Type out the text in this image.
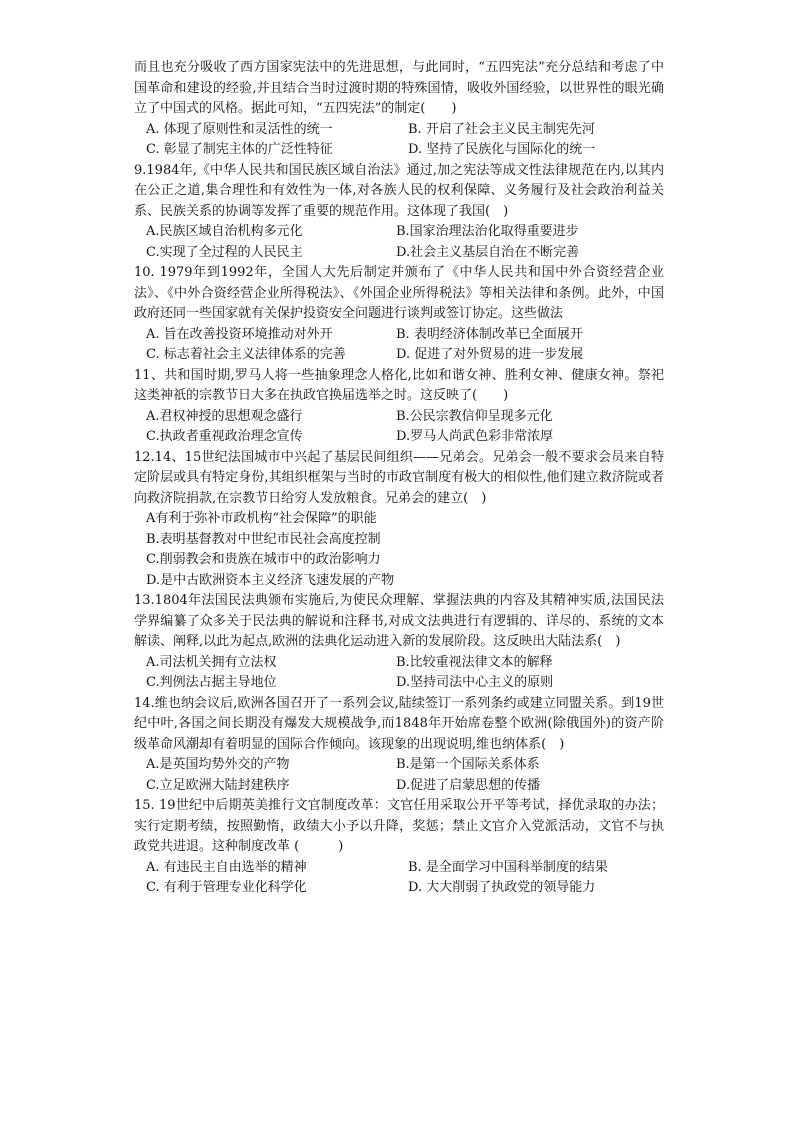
而且也充分吸收了西方国家宪法中的先进思想，与此同时，“五四宪法”充分总结和考虑了中国革命和建设的经验,并且结合当时过渡时期的特殊国情，吸收外国经验，以世界性的眼光确立了中国式的风格。据此可知，“五四宪法”的制定(　　)

A. 体现了原则性和灵活性的统一	B. 开启了社会主义民主制宪先河
C. 彰显了制宪主体的广泛性特征	D. 坚持了民族化与国际化的统一

9.1984年,《中华人民共和国民族区域自治法》通过,加之宪法等成文性法律规范在内,以其内在公正之道,集合理性和有效性为一体,对各族人民的权利保障、义务履行及社会政治利益关系、民族关系的协调等发挥了重要的规范作用。这体现了我国(　)

A.民族区域自治机构多元化	B.国家治理法治化取得重要进步
C.实现了全过程的人民民主	D.社会主义基层自治在不断完善

10. 1979年到1992年，全国人大先后制定并颁布了《中华人民共和国中外合资经营企业法》、《中外合资经营企业所得税法》、《外国企业所得税法》等相关法律和条例。此外，中国政府还同一些国家就有关保护投资安全问题进行谈判或签订协定。这些做法

A. 旨在改善投资环境推动对外开	B. 表明经济体制改革已全面展开
C. 标志着社会主义法律体系的完善	D. 促进了对外贸易的进一步发展

11、共和国时期,罗马人将一些抽象理念人格化,比如和谐女神、胜利女神、健康女神。祭祀这类神祇的宗教节日大多在执政官换届选举之时。这反映了(　　)

A.君权神授的思想观念盛行	B.公民宗教信仰呈现多元化
C.执政者重视政治理念宣传	D.罗马人尚武色彩非常浓厚

12.14、15世纪法国城市中兴起了基层民间组织——兄弟会。兄弟会一般不要求会员来自特定阶层或具有特定身份,其组织框架与当时的市政官制度有极大的相似性,他们建立救济院或者向救济院捐款,在宗教节日给穷人发放粮食。兄弟会的建立(　)

A有利于弥补市政机构“社会保障”的职能
B.表明基督教对中世纪市民社会高度控制
C.削弱教会和贵族在城市中的政治影响力
D.是中古欧洲资本主义经济飞速发展的产物

13.1804年法国民法典颁布实施后,为使民众理解、掌握法典的内容及其精神实质,法国民法学界编纂了众多关于民法典的解说和注释书,对成文法典进行有逻辑的、详尽的、系统的文本解读、阐释,以此为起点,欧洲的法典化运动进入新的发展阶段。这反映出大陆法系(　)

A.司法机关拥有立法权	B.比较重视法律文本的解释
C.判例法占据主导地位	D.坚持司法中心主义的原则

14.维也纳会议后,欧洲各国召开了一系列会议,陆续签订一系列条约或建立同盟关系。到19世纪中叶,各国之间长期没有爆发大规模战争,而1848年开始席卷整个欧洲(除俄国外)的资产阶级革命风潮却有着明显的国际合作倾向。该现象的出现说明,维也纳体系(　)

A.是英国均势外交的产物	B.是第一个国际关系体系
C.立足欧洲大陆封建秩序	D.促进了启蒙思想的传播

15. 19世纪中后期英美推行文官制度改革：文官任用采取公开平等考试，择优录取的办法；实行定期考绩，按照勤惰，政绩大小予以升降，奖惩；禁止文官介入党派活动，文官不与执政党共进退。这种制度改革 (　　　)

A. 有违民主自由选举的精神	B. 是全面学习中国科举制度的结果
C. 有利于管理专业化科学化	D. 大大削弱了执政党的领导能力
